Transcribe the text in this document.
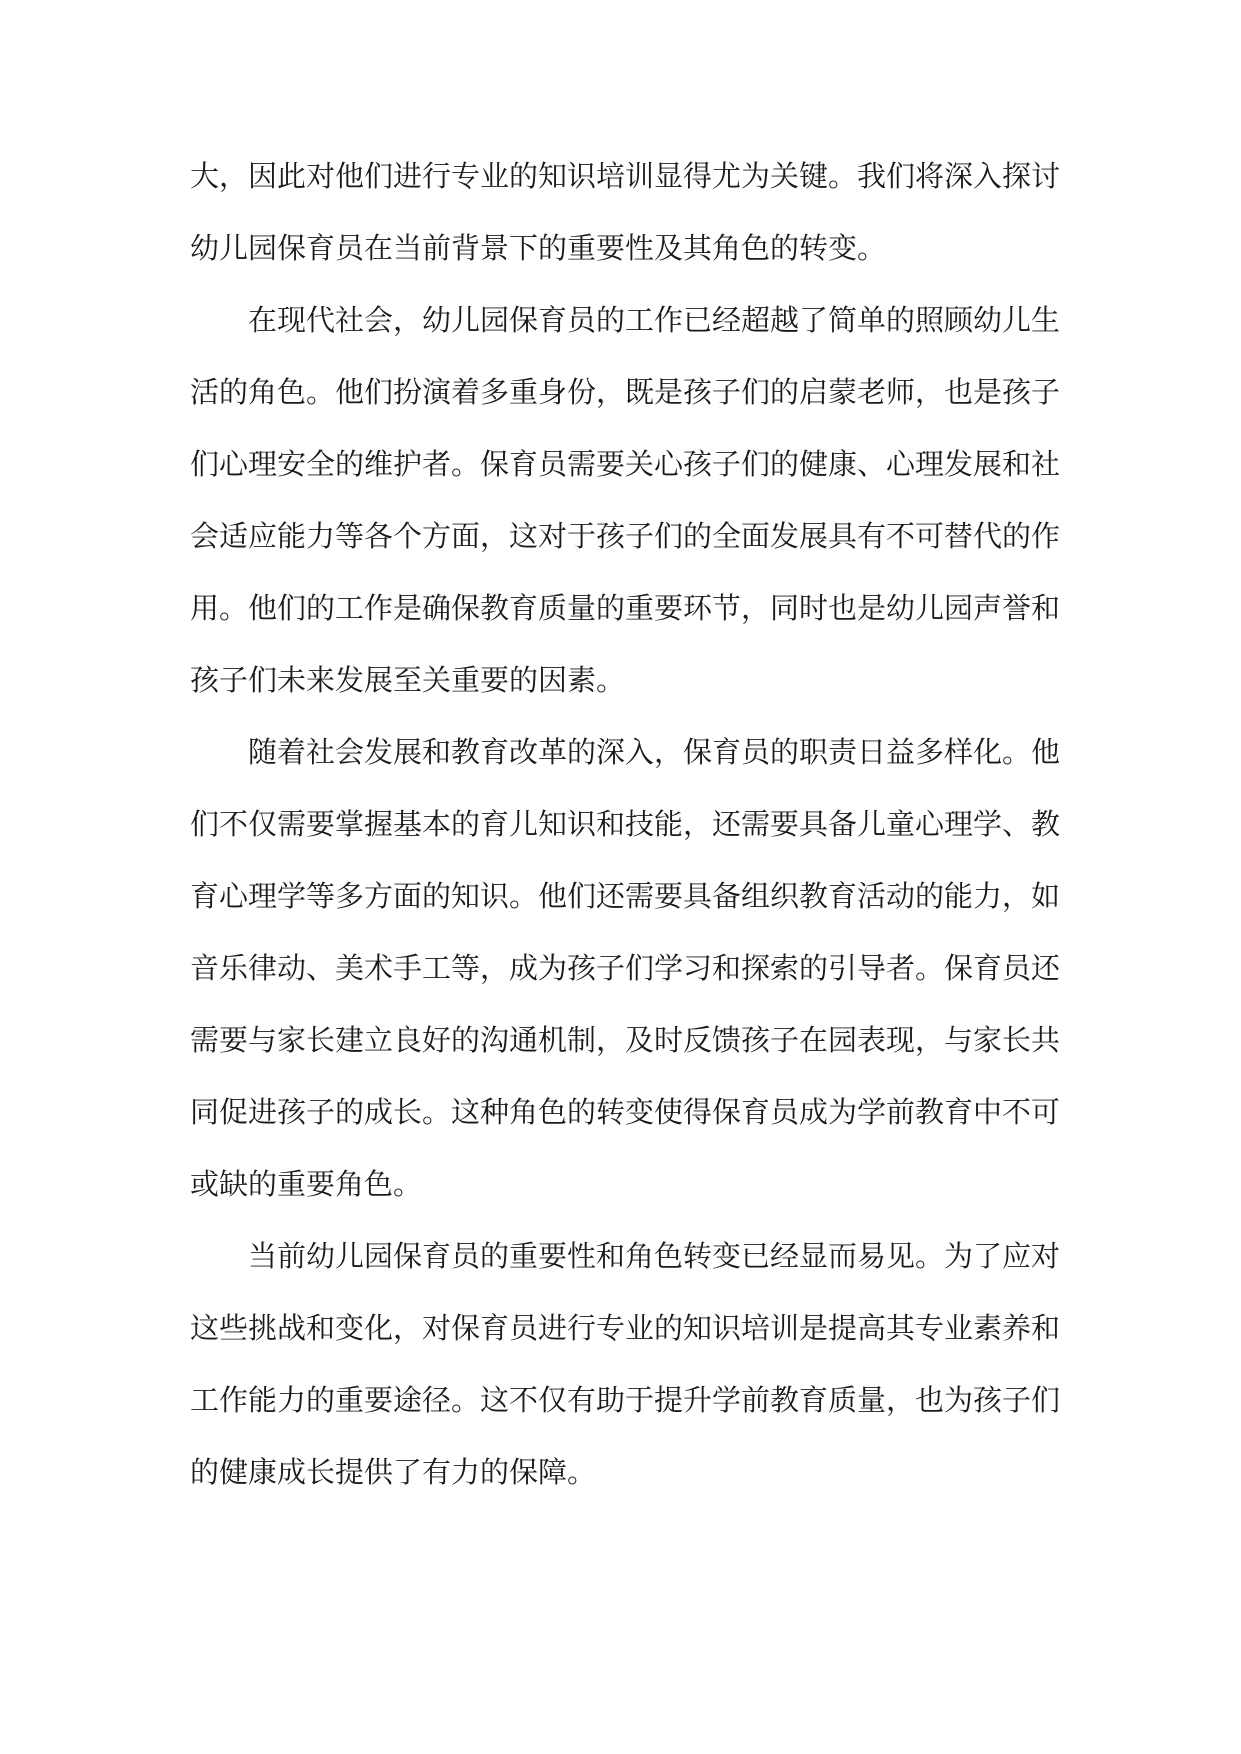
大，因此对他们进行专业的知识培训显得尤为关键。我们将深入探讨幼儿园保育员在当前背景下的重要性及其角色的转变。

在现代社会，幼儿园保育员的工作已经超越了简单的照顾幼儿生活的角色。他们扮演着多重身份，既是孩子们的启蒙老师，也是孩子们心理安全的维护者。保育员需要关心孩子们的健康、心理发展和社会适应能力等各个方面，这对于孩子们的全面发展具有不可替代的作用。他们的工作是确保教育质量的重要环节，同时也是幼儿园声誉和孩子们未来发展至关重要的因素。

随着社会发展和教育改革的深入，保育员的职责日益多样化。他们不仅需要掌握基本的育儿知识和技能，还需要具备儿童心理学、教育心理学等多方面的知识。他们还需要具备组织教育活动的能力，如音乐律动、美术手工等，成为孩子们学习和探索的引导者。保育员还需要与家长建立良好的沟通机制，及时反馈孩子在园表现，与家长共同促进孩子的成长。这种角色的转变使得保育员成为学前教育中不可或缺的重要角色。

当前幼儿园保育员的重要性和角色转变已经显而易见。为了应对这些挑战和变化，对保育员进行专业的知识培训是提高其专业素养和工作能力的重要途径。这不仅有助于提升学前教育质量，也为孩子们的健康成长提供了有力的保障。
